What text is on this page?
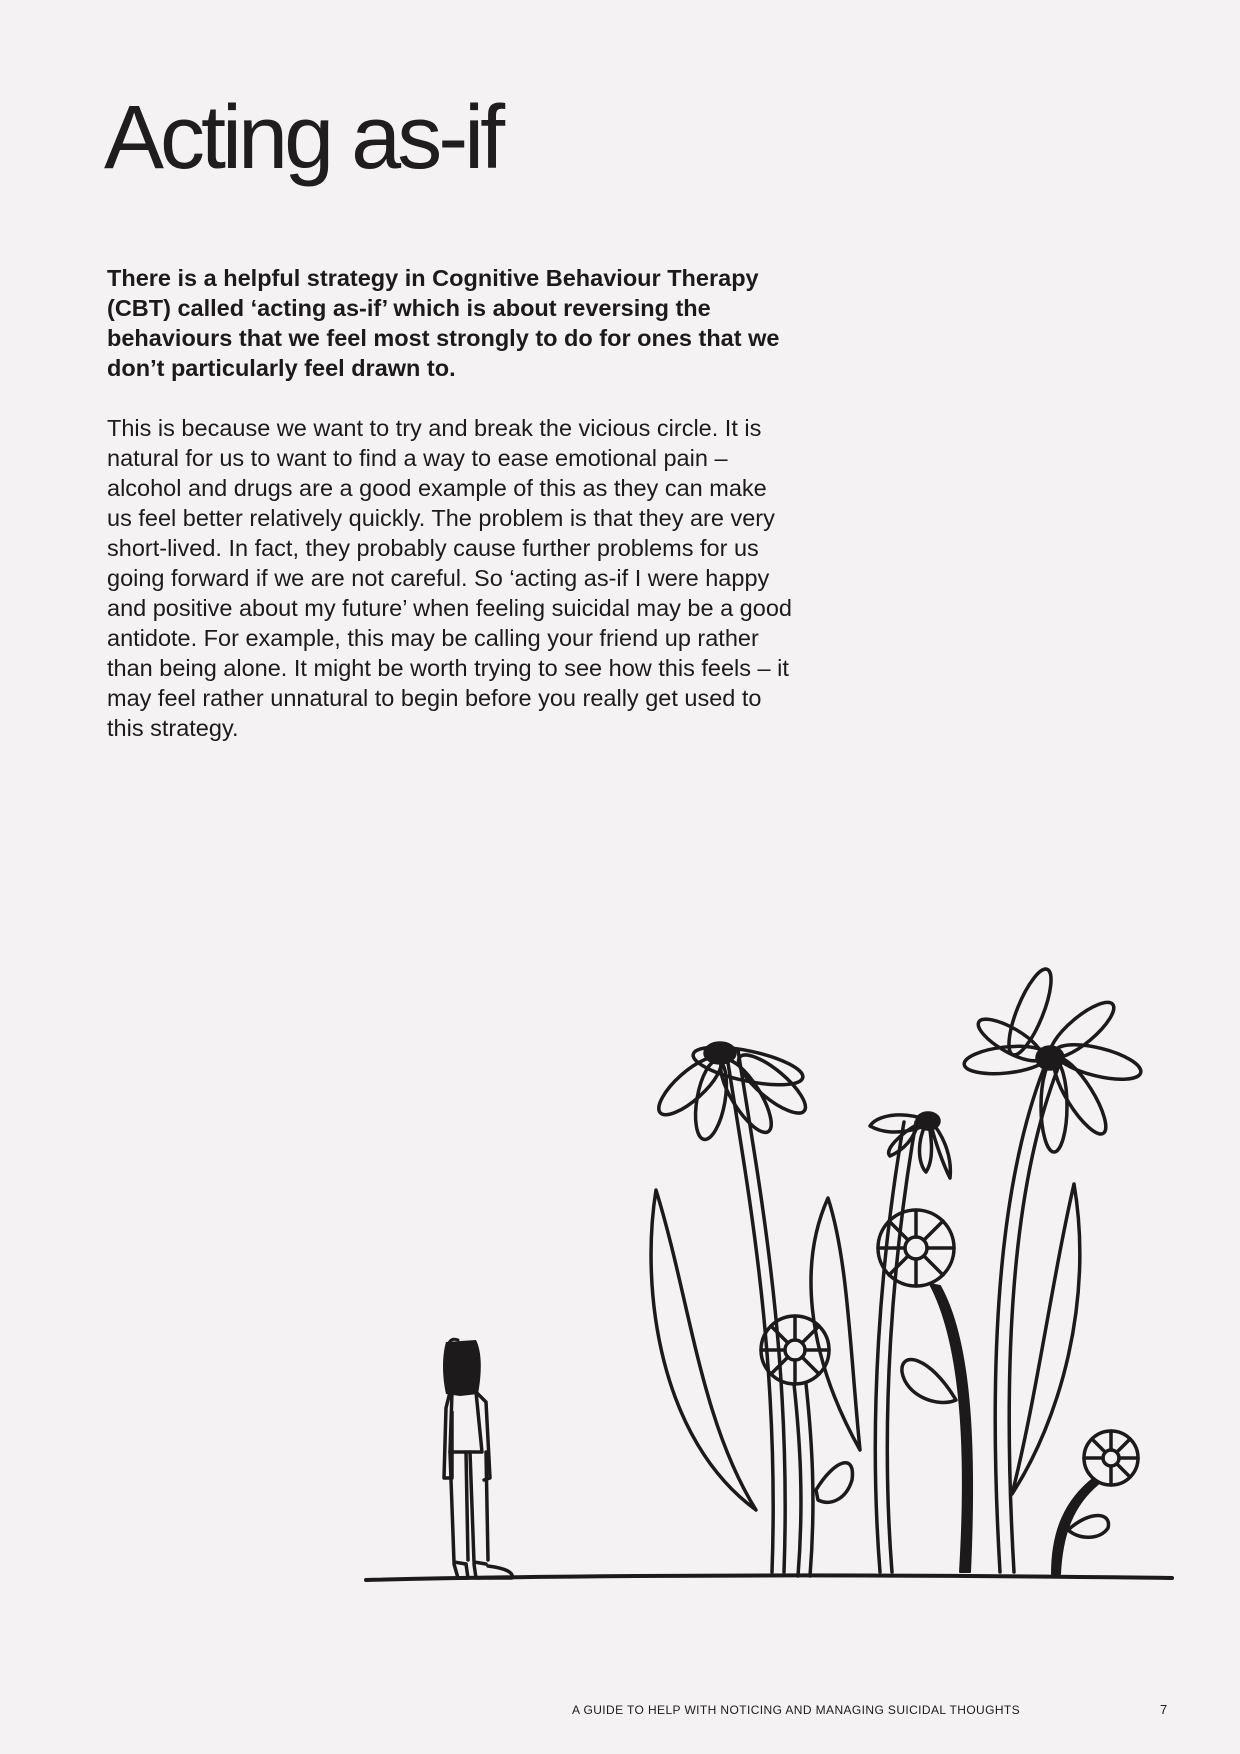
Acting as-if

There is a helpful strategy in Cognitive Behaviour Therapy (CBT) called ‘acting as-if’ which is about reversing the behaviours that we feel most strongly to do for ones that we don’t particularly feel drawn to.

This is because we want to try and break the vicious circle. It is natural for us to want to find a way to ease emotional pain – alcohol and drugs are a good example of this as they can make us feel better relatively quickly. The problem is that they are very short-lived. In fact, they probably cause further problems for us going forward if we are not careful. So ‘acting as-if I were happy and positive about my future’ when feeling suicidal may be a good antidote. For example, this may be calling your friend up rather than being alone. It might be worth trying to see how this feels – it may feel rather unnatural to begin before you really get used to this strategy.

A GUIDE TO HELP WITH NOTICING AND MANAGING SUICIDAL THOUGHTS	7
